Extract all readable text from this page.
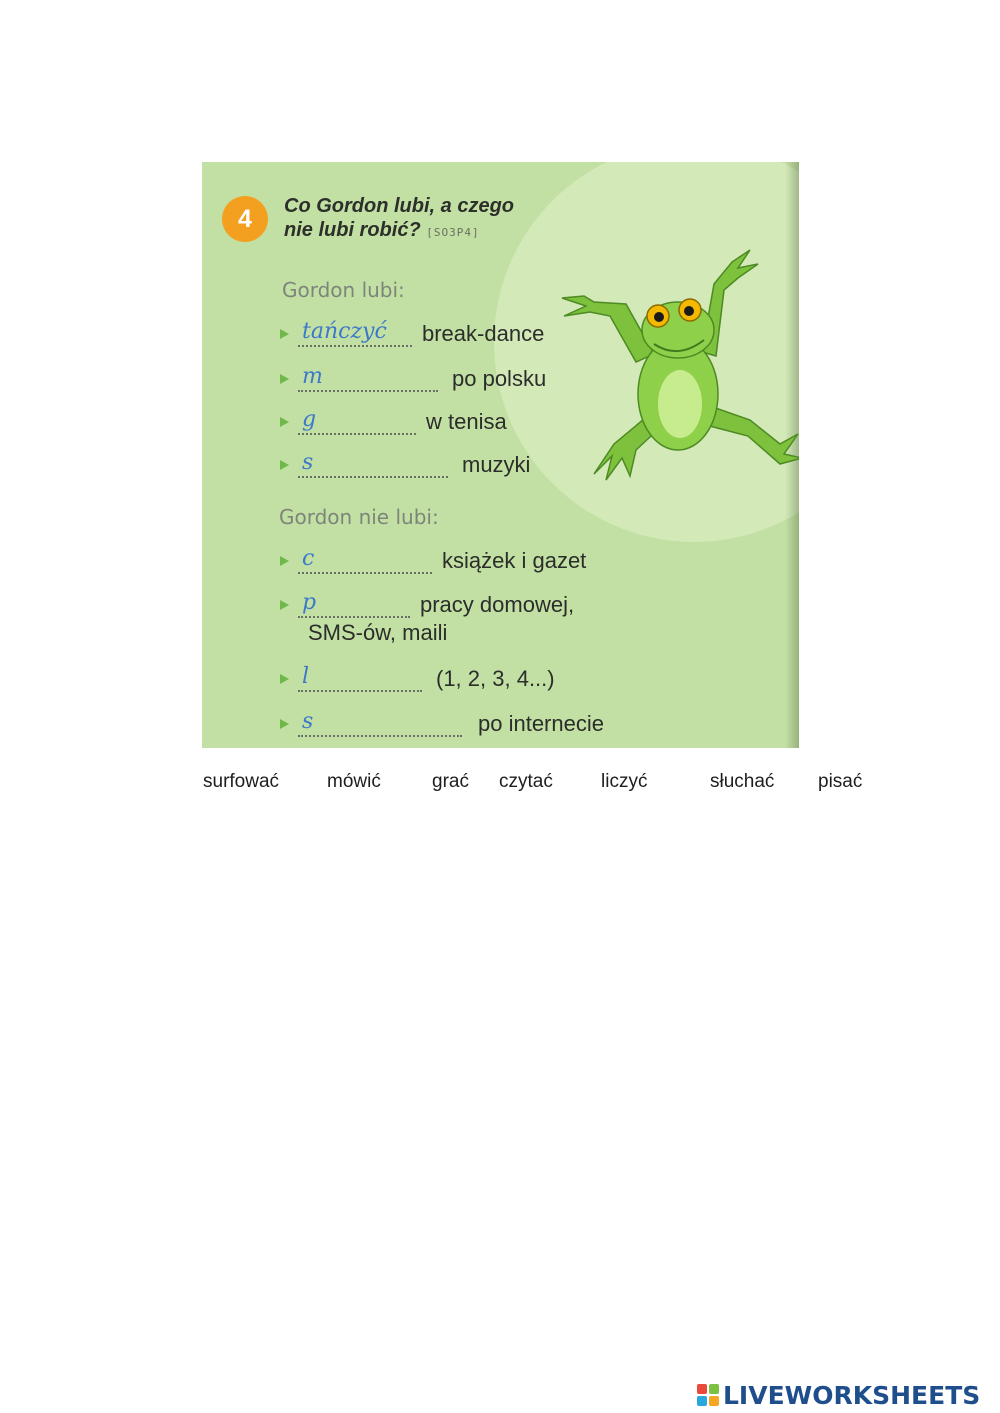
4	Co Gordon lubi, a czego
nie lubi robić? [SO3P4]
Gordon lubi:
tańczyć break-dance
m	po polsku
g	w tenisa
s	muzyki
Gordon nie lubi:
c	książek i gazet
p	pracy domowej,
SMS-ów, maili
l	(1, 2, 3, 4...)
s	po internecie
surfować	mówić	grać czytać	liczyć	słuchać pisać
LIVEWORKSHEETS
